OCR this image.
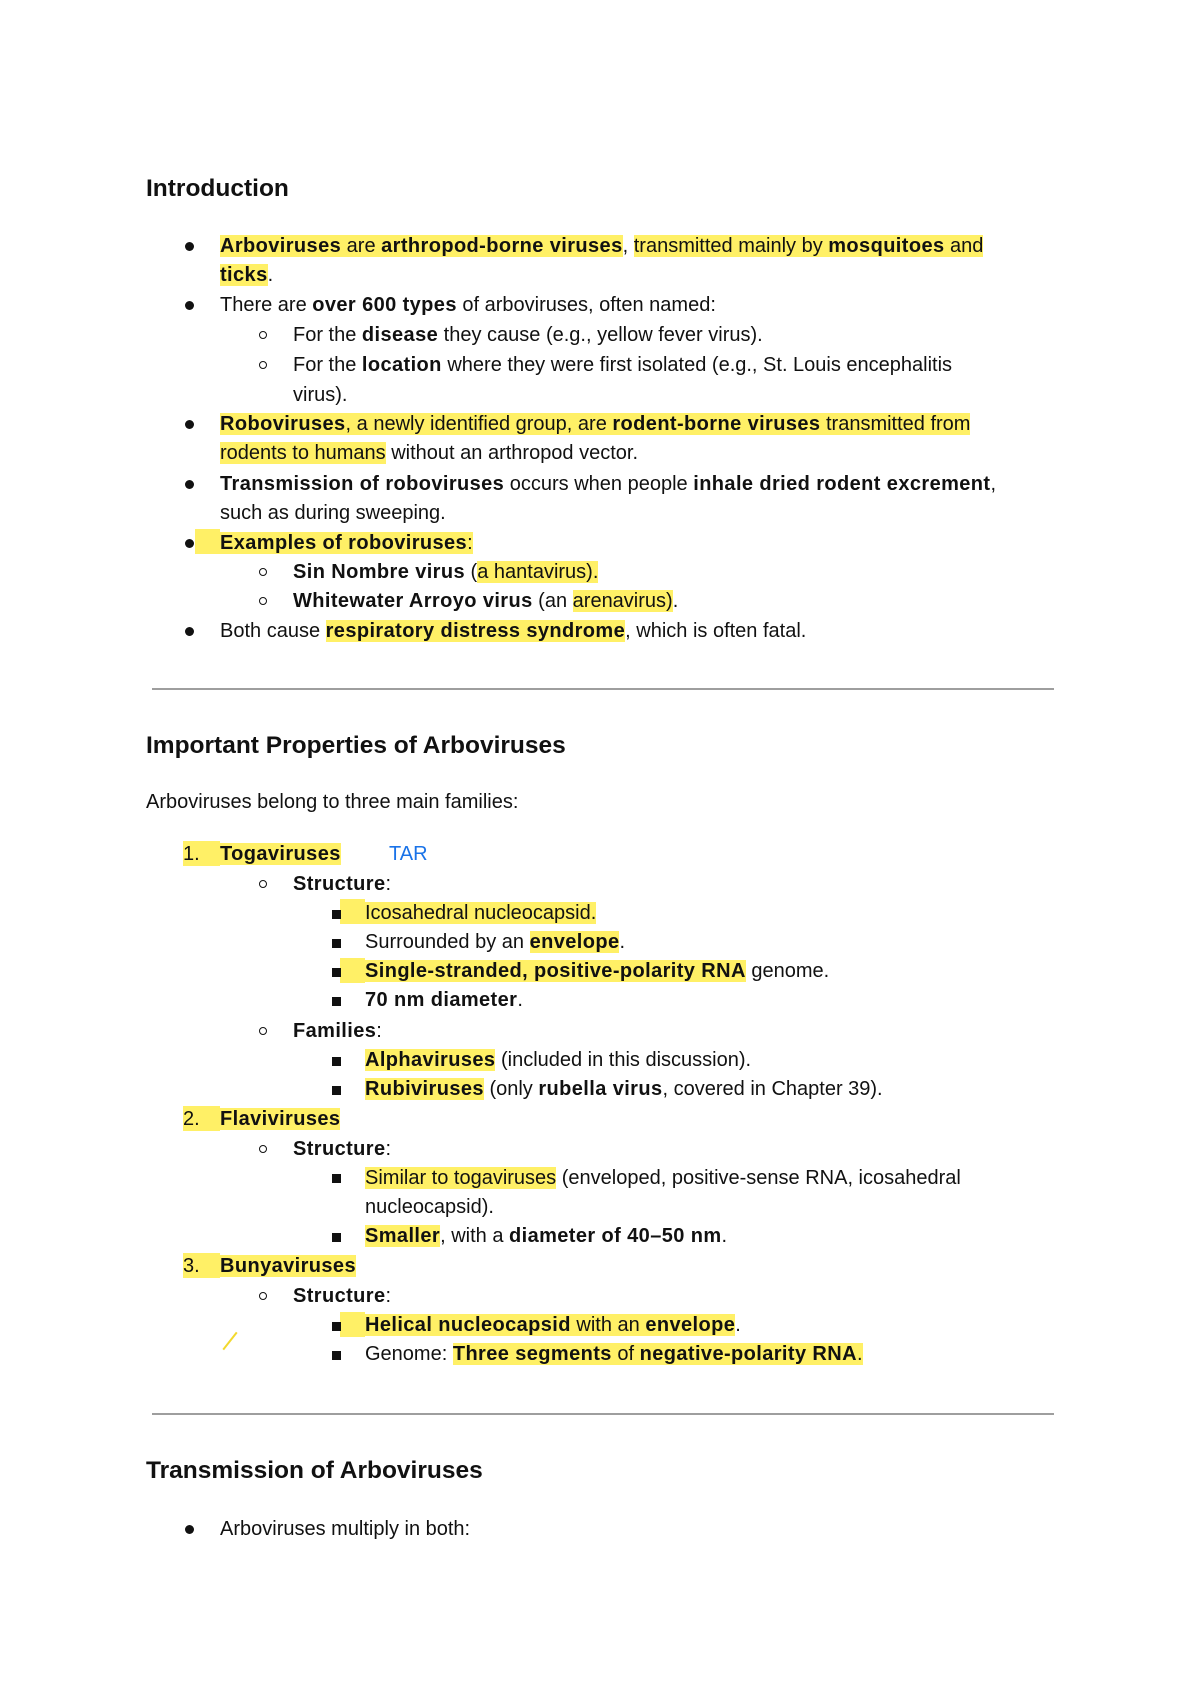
Introduction
Arboviruses are arthropod-borne viruses, transmitted mainly by mosquitoes and
ticks.
There are over 600 types of arboviruses, often named:
For the disease they cause (e.g., yellow fever virus).
For the location where they were first isolated (e.g., St. Louis encephalitis
virus).
Roboviruses, a newly identified group, are rodent-borne viruses transmitted from
rodents to humans without an arthropod vector.
Transmission of roboviruses occurs when people inhale dried rodent excrement,
such as during sweeping.
Examples of roboviruses:
Sin Nombre virus (a hantavirus).
Whitewater Arroyo virus (an arenavirus).
Both cause respiratory distress syndrome, which is often fatal.
Important Properties of Arboviruses
Arboviruses belong to three main families:
1. Togaviruses TAR
Structure:
Icosahedral nucleocapsid.
Surrounded by an envelope.
Single-stranded, positive-polarity RNA genome.
70 nm diameter.
Families:
Alphaviruses (included in this discussion).
Rubiviruses (only rubella virus, covered in Chapter 39).
2. Flaviviruses
Structure:
Similar to togaviruses (enveloped, positive-sense RNA, icosahedral
nucleocapsid).
Smaller, with a diameter of 40–50 nm.
3. Bunyaviruses
Structure:
Helical nucleocapsid with an envelope.
Genome: Three segments of negative-polarity RNA.
Transmission of Arboviruses
Arboviruses multiply in both:
